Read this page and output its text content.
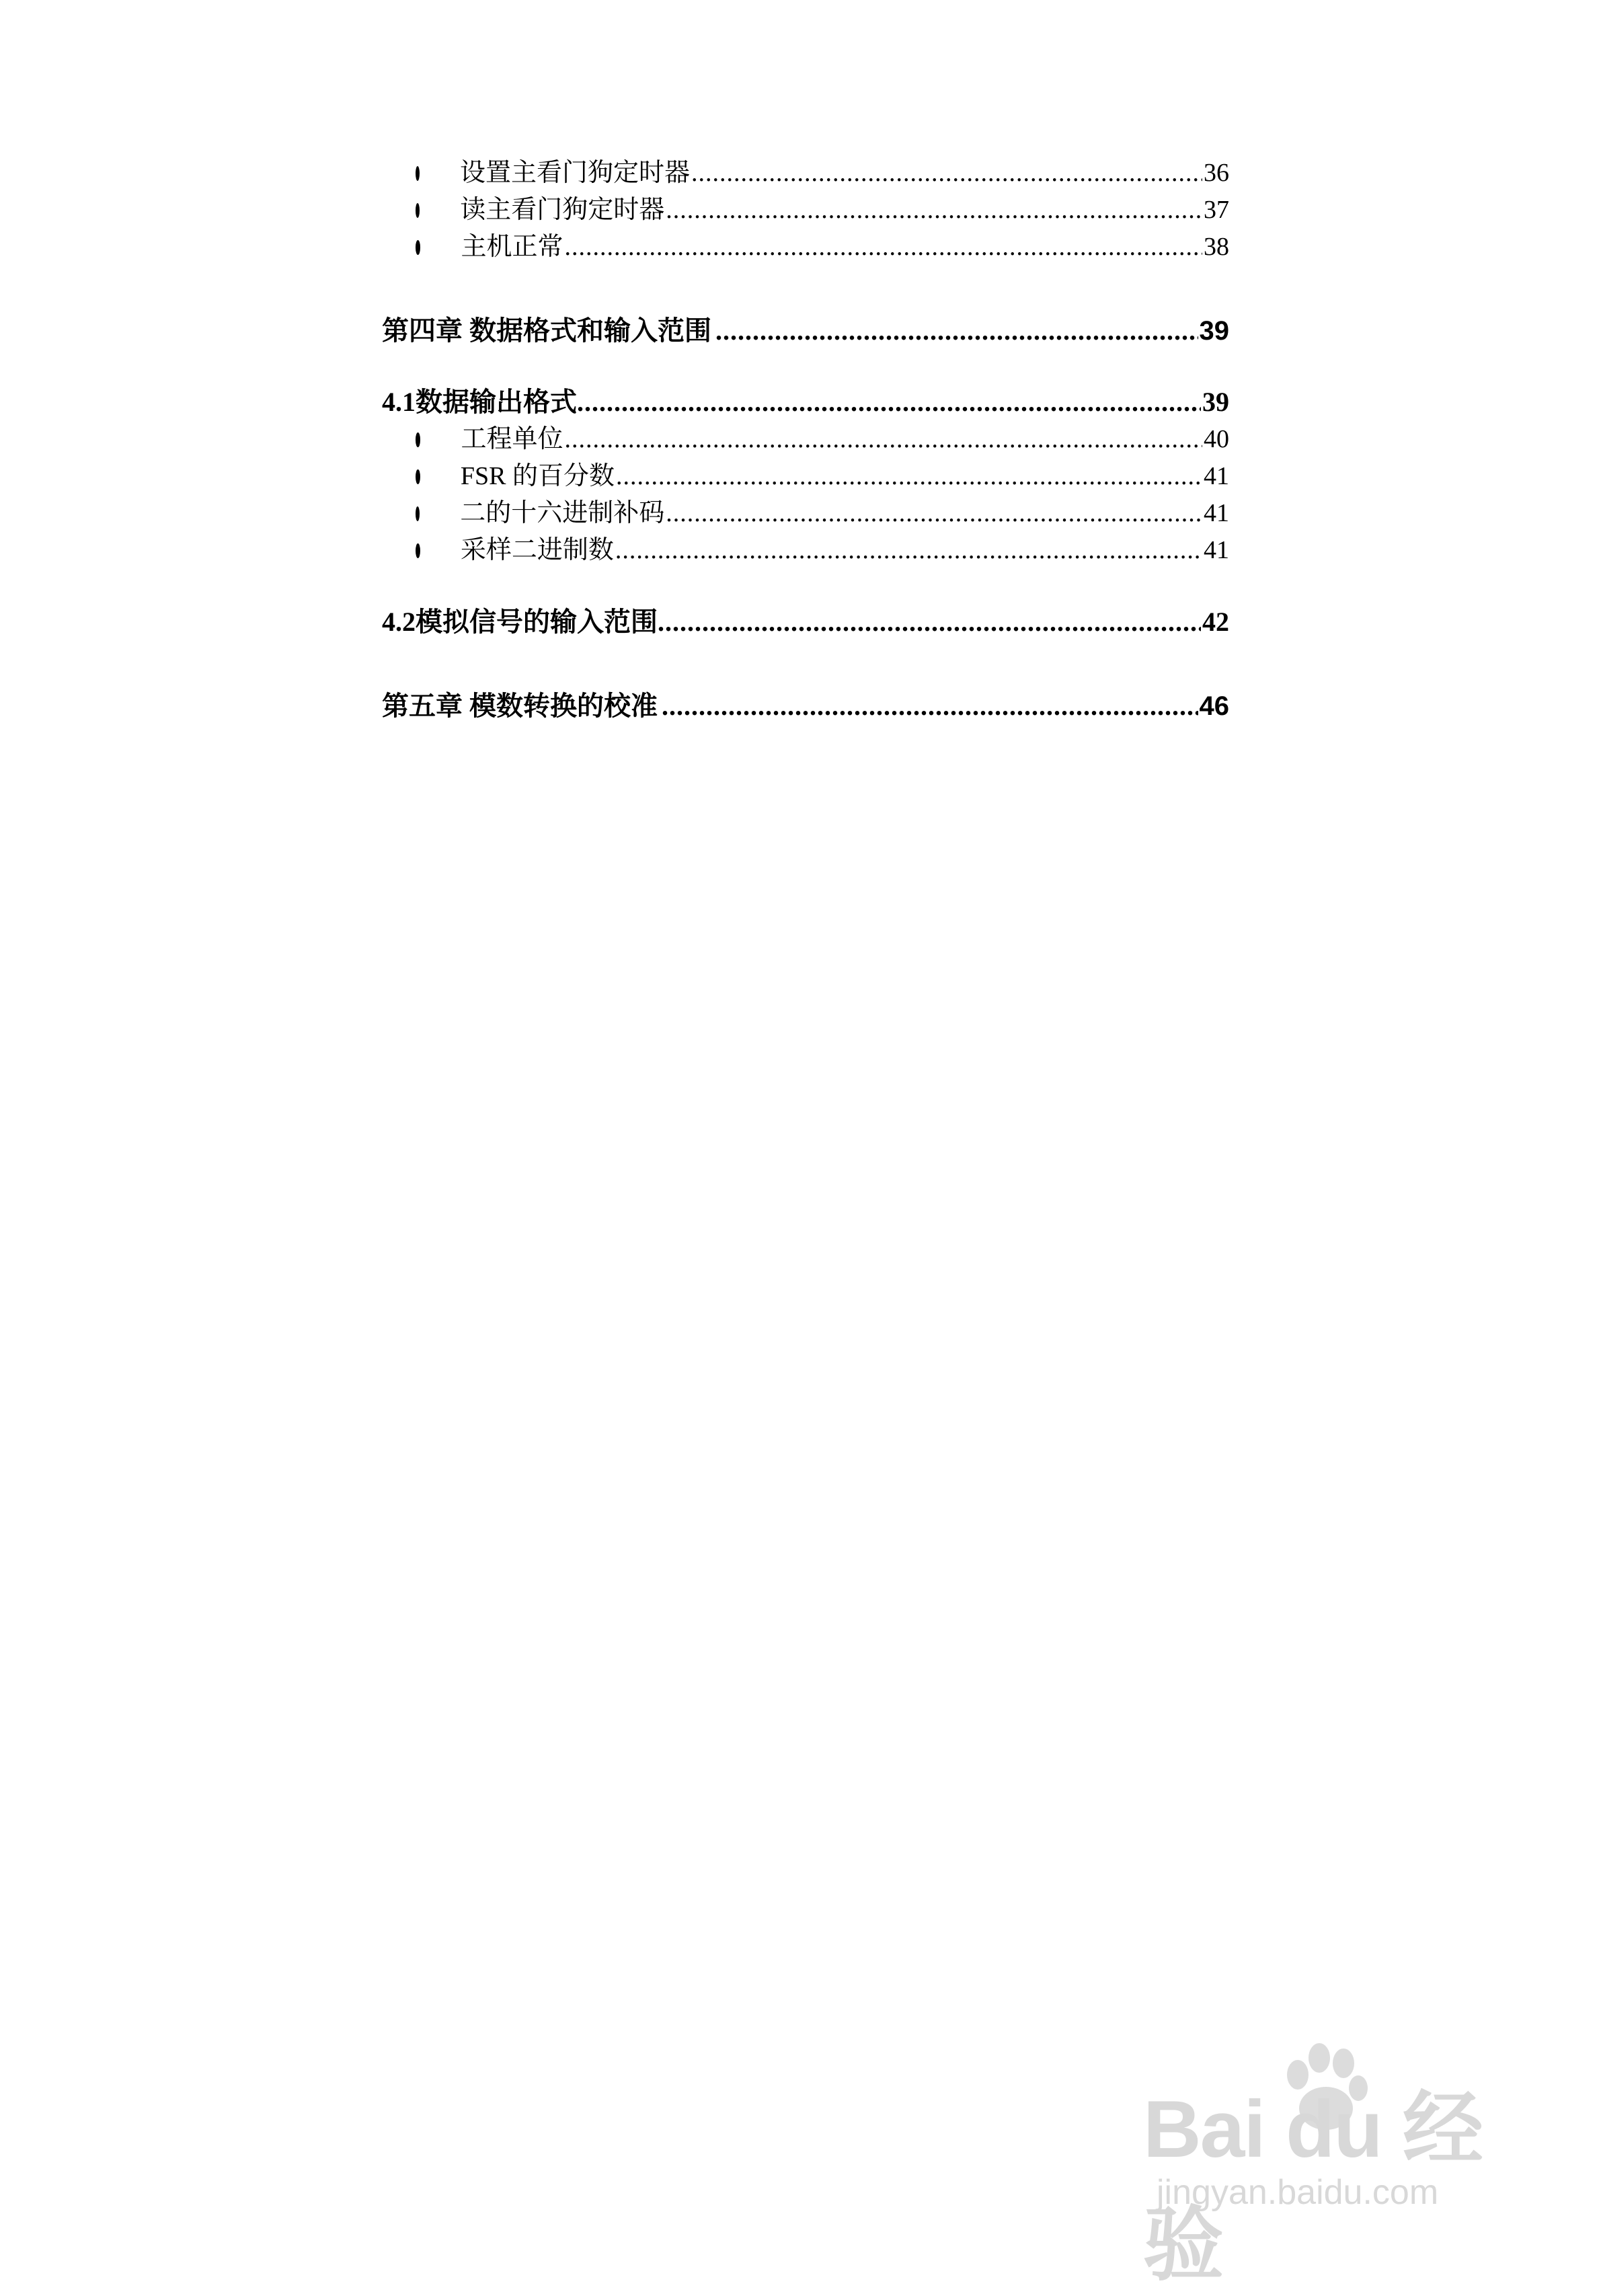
设置主看门狗定时器 .....	36
读主看门狗定时器 .....	37
主机正常 .....	38
第四章 数据格式和输入范围 .....	39
4.1 数据输出格式 .....	39
工程单位 .....	40
FSR 的百分数 .....	41
二的十六进制补码 .....	41
采样二进制数 .....	41
4.2 模拟信号的输入范围 .....	42
第五章 模数转换的校准 .....	46
Bai du 经验
jingyan.baidu.com
